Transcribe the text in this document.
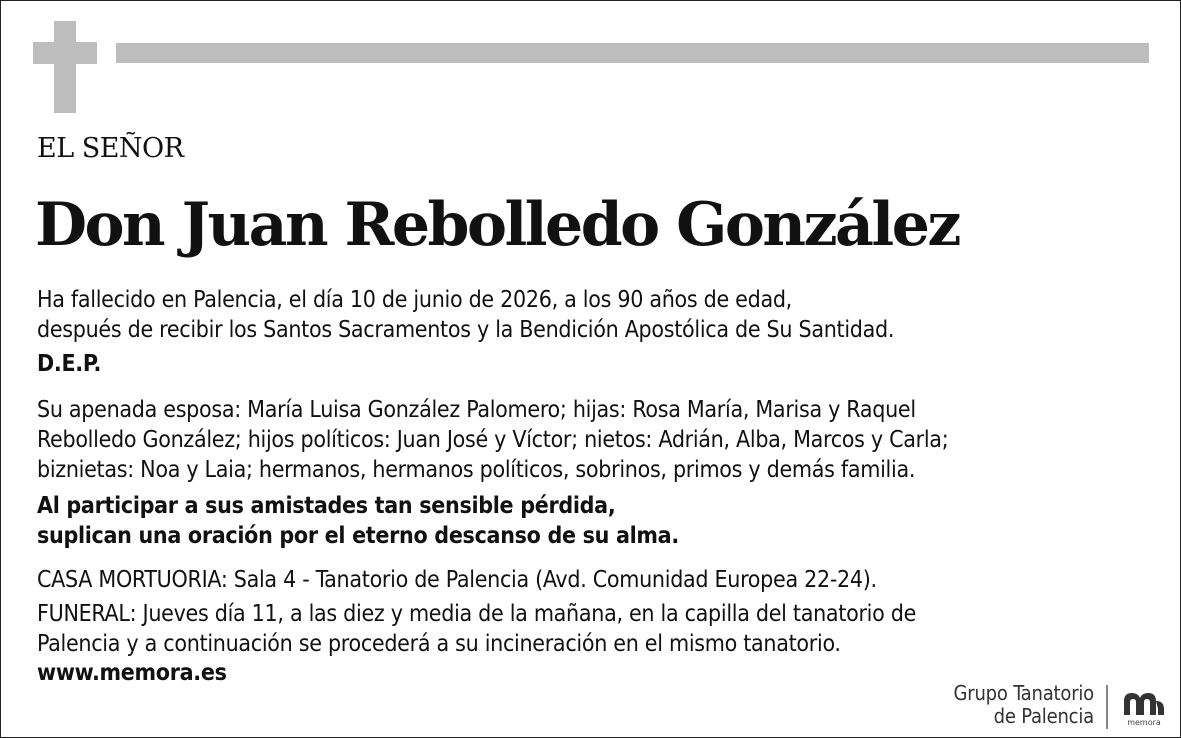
EL SEÑOR
Don Juan Rebolledo González
Ha fallecido en Palencia, el día 10 de junio de 2026, a los 90 años de edad,
después de recibir los Santos Sacramentos y la Bendición Apostólica de Su Santidad.
D.E.P.
Su apenada esposa: María Luisa González Palomero; hijas: Rosa María, Marisa y Raquel
Rebolledo González; hijos políticos: Juan José y Víctor; nietos: Adrián, Alba, Marcos y Carla;
biznietas: Noa y Laia; hermanos, hermanos políticos, sobrinos, primos y demás familia.
Al participar a sus amistades tan sensible pérdida,
suplican una oración por el eterno descanso de su alma.
CASA MORTUORIA: Sala 4 - Tanatorio de Palencia (Avd. Comunidad Europea 22-24).
FUNERAL: Jueves día 11, a las diez y media de la mañana, en la capilla del tanatorio de
Palencia y a continuación se procederá a su incineración en el mismo tanatorio.
www.memora.es
Grupo Tanatorio
de Palencia	memora
